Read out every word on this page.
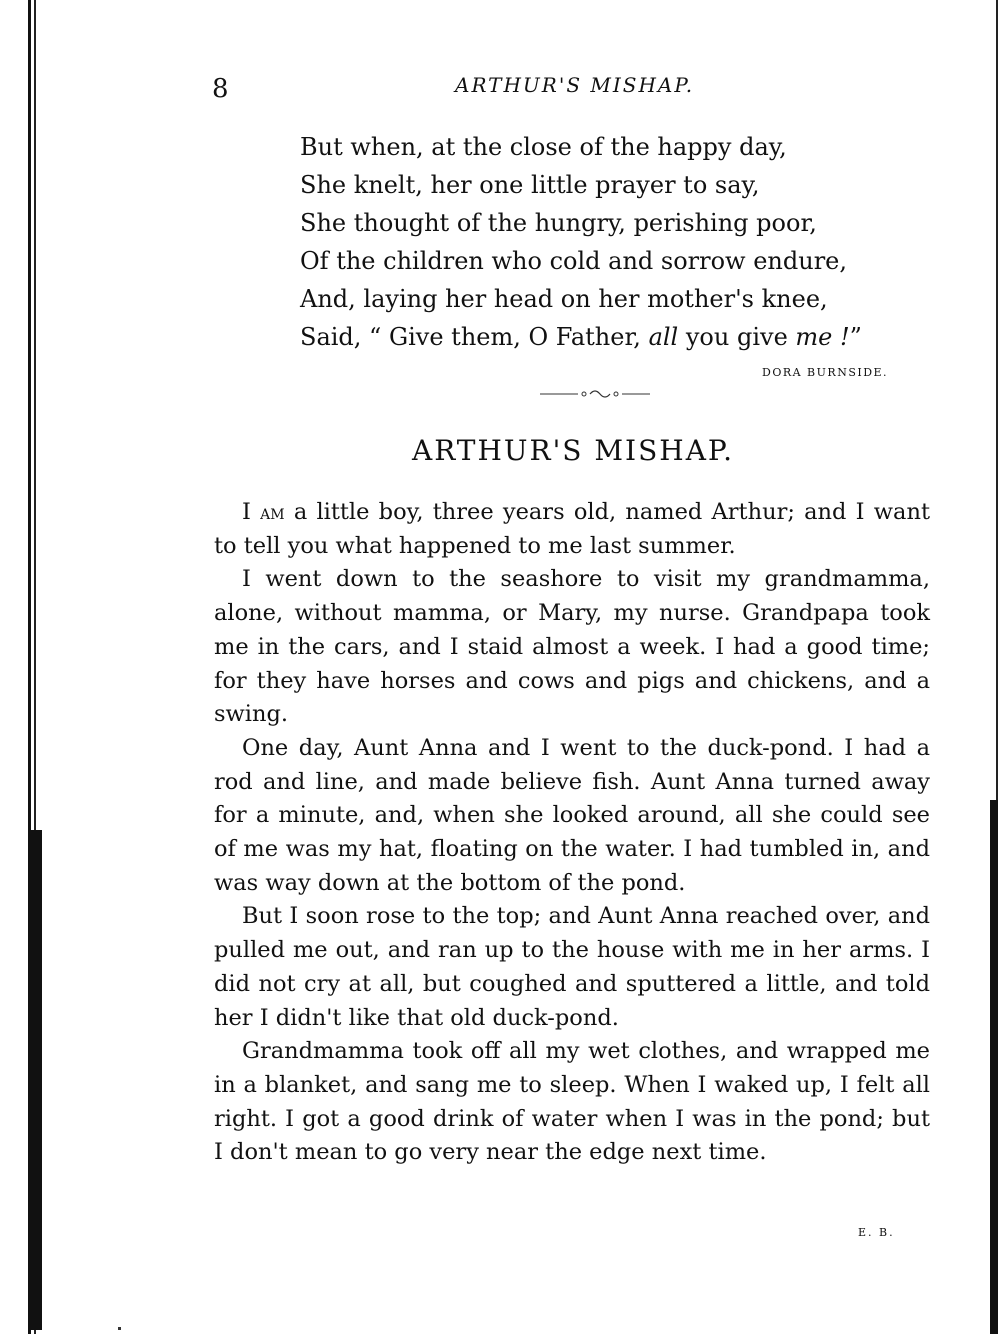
8	ARTHUR'S MISHAP.
But when, at the close of the happy day,
She knelt, her one little prayer to say,
She thought of the hungry, perishing poor,
Of the children who cold and sorrow endure,
And, laying her head on her mother's knee,
Said, “ Give them, O Father, all you give me !”
DORA BURNSIDE.
ARTHUR'S MISHAP.

I am a little boy, three years old, named Arthur; and I want to tell you what happened to me last summer.

I went down to the seashore to visit my grandmamma, alone, without mamma, or Mary, my nurse. Grandpapa took me in the cars, and I staid almost a week. I had a good time; for they have horses and cows and pigs and chickens, and a swing.

One day, Aunt Anna and I went to the duck-pond. I had a rod and line, and made believe fish. Aunt Anna turned away for a minute, and, when she looked around, all she could see of me was my hat, floating on the water. I had tumbled in, and was way down at the bottom of the pond.

But I soon rose to the top; and Aunt Anna reached over, and pulled me out, and ran up to the house with me in her arms. I did not cry at all, but coughed and sputtered a little, and told her I didn't like that old duck-pond.

Grandmamma took off all my wet clothes, and wrapped me in a blanket, and sang me to sleep. When I waked up, I felt all right. I got a good drink of water when I was in the pond; but I don't mean to go very near the edge next time.

E. B.
